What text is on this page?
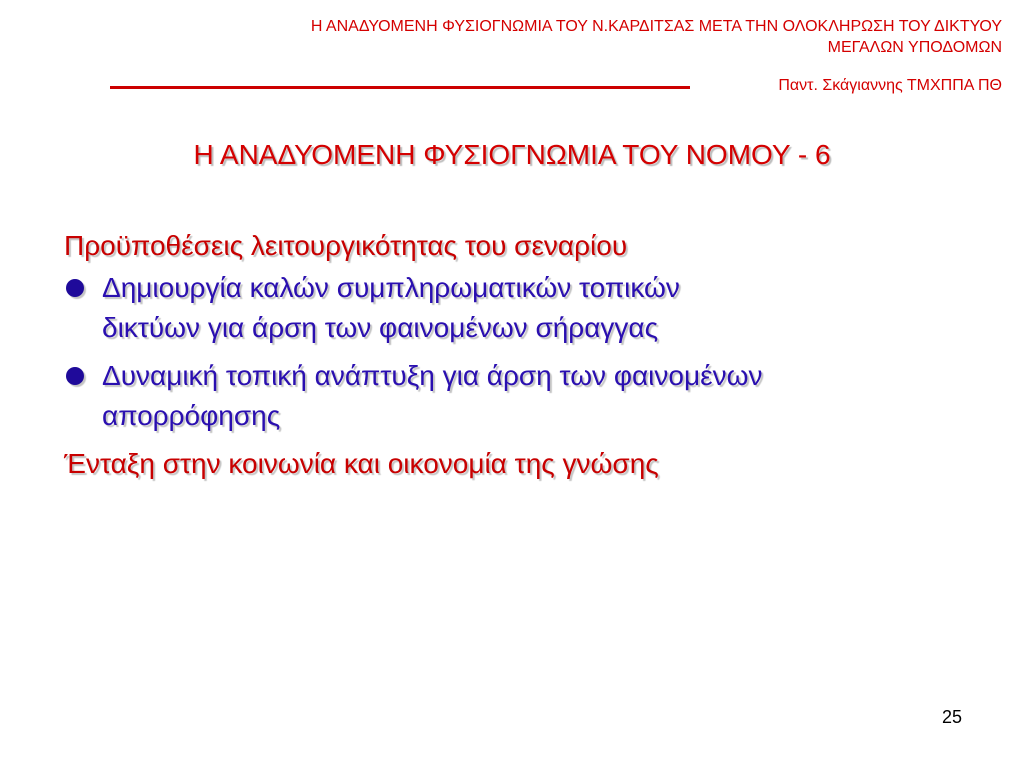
Η ΑΝΑΔΥΟΜΕΝΗ ΦΥΣΙΟΓΝΩΜΙΑ ΤΟΥ Ν.ΚΑΡΔΙΤΣΑΣ ΜΕΤΑ ΤΗΝ ΟΛΟΚΛΗΡΩΣΗ ΤΟΥ ΔΙΚΤΥΟΥ
ΜΕΓΑΛΩΝ ΥΠΟΔΟΜΩΝ
Παντ. Σκάγιαννης ΤΜΧΠΠΑ ΠΘ
Η ΑΝΑΔΥΟΜΕΝΗ ΦΥΣΙΟΓΝΩΜΙΑ ΤΟΥ ΝΟΜΟΥ - 6

Προϋποθέσεις λειτουργικότητας του σεναρίου

Δημιουργία καλών συμπληρωματικών τοπικών
δικτύων για άρση των φαινομένων σήραγγας
Δυναμική τοπική ανάπτυξη για άρση των φαινομένων
απορρόφησης

Ένταξη στην κοινωνία και οικονομία της γνώσης

25
